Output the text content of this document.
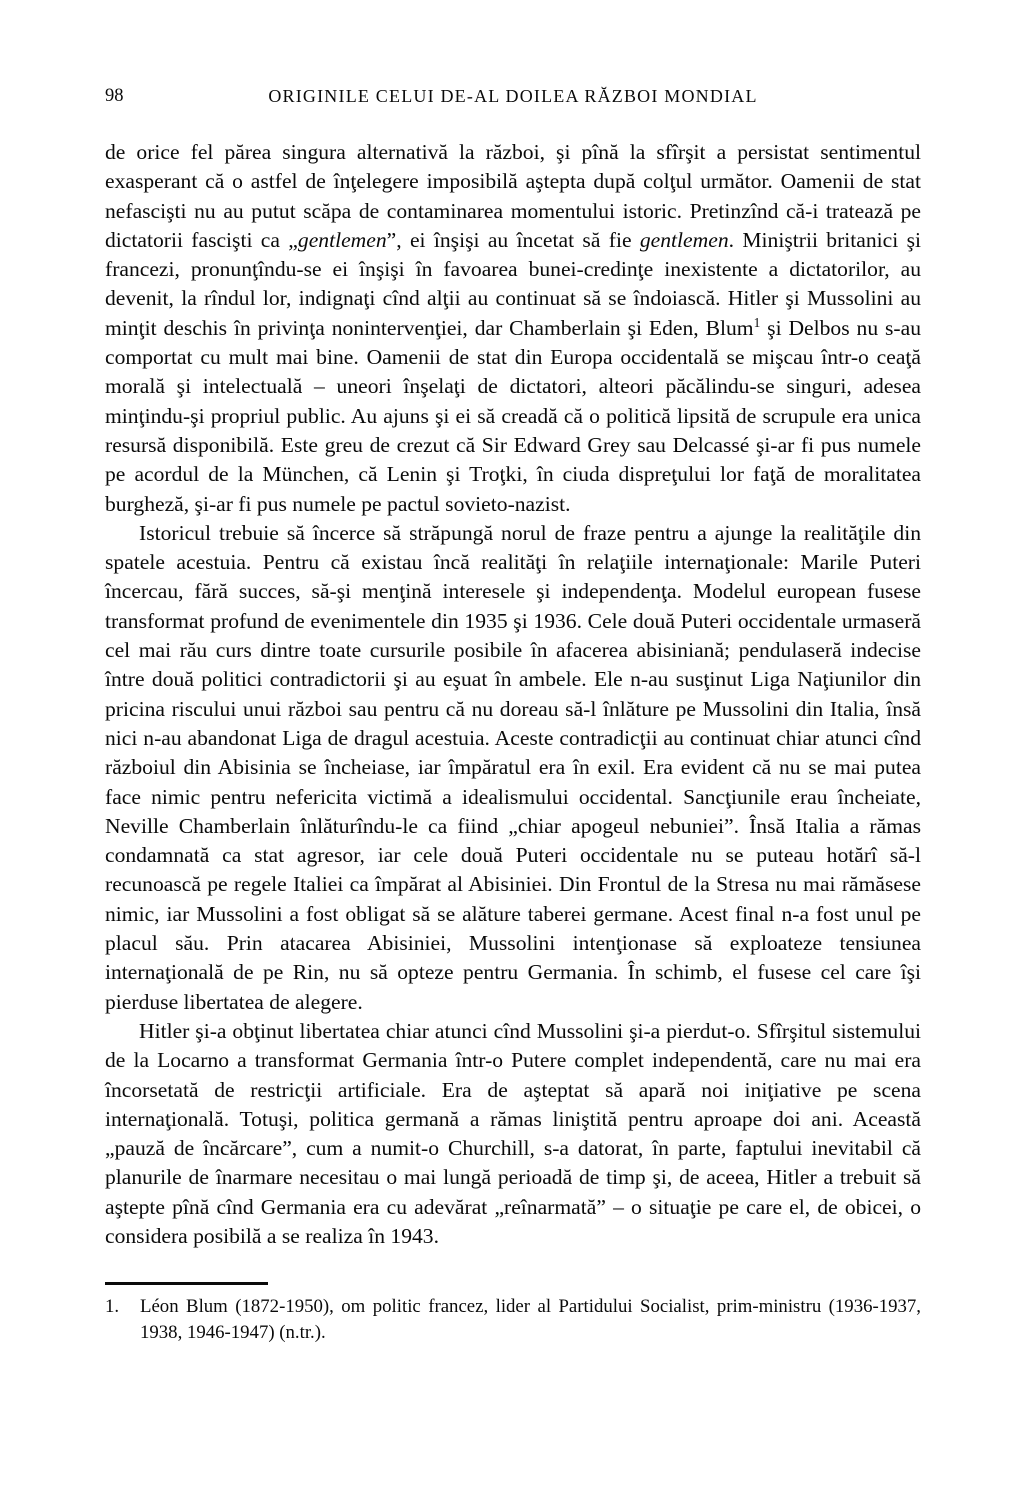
98	ORIGINILE CELUI DE-AL DOILEA RĂZBOI MONDIAL

de orice fel părea singura alternativă la război, şi pînă la sfîrşit a persistat sentimentul exasperant că o astfel de înţelegere imposibilă aştepta după colţul următor. Oamenii de stat nefascişti nu au putut scăpa de contaminarea momentului istoric. Pretinzînd că-i tratează pe dictatorii fascişti ca „gentlemen”, ei înşişi au încetat să fie gentlemen. Miniştrii britanici şi francezi, pronunţîndu-se ei înşişi în favoarea bunei-credinţe inexistente a dictatorilor, au devenit, la rîndul lor, indignaţi cînd alţii au continuat să se îndoiască. Hitler şi Mussolini au minţit deschis în privinţa nonintervenţiei, dar Chamberlain şi Eden, Blum$^1$ şi Delbos nu s-au comportat cu mult mai bine. Oamenii de stat din Europa occidentală se mişcau într-o ceaţă morală şi intelectuală – uneori înşelaţi de dictatori, alteori păcălindu-se singuri, adesea minţindu-şi propriul public. Au ajuns şi ei să creadă că o politică lipsită de scrupule era unica resursă disponibilă. Este greu de crezut că Sir Edward Grey sau Delcassé şi-ar fi pus numele pe acordul de la München, că Lenin şi Troţki, în ciuda dispreţului lor faţă de moralitatea burgheză, şi-ar fi pus numele pe pactul sovieto-nazist.

Istoricul trebuie să încerce să străpungă norul de fraze pentru a ajunge la realităţile din spatele acestuia. Pentru că existau încă realităţi în relaţiile internaţionale: Marile Puteri încercau, fără succes, să-şi menţină interesele şi independenţa. Modelul european fusese transformat profund de evenimentele din 1935 şi 1936. Cele două Puteri occidentale urmaseră cel mai rău curs dintre toate cursurile posibile în afacerea abisiniană; pendulaseră indecise între două politici contradictorii şi au eşuat în ambele. Ele n-au susţinut Liga Naţiunilor din pricina riscului unui război sau pentru că nu doreau să-l înlăture pe Mussolini din Italia, însă nici n-au abandonat Liga de dragul acestuia. Aceste contradicţii au continuat chiar atunci cînd războiul din Abisinia se încheiase, iar împăratul era în exil. Era evident că nu se mai putea face nimic pentru nefericita victimă a idealismului occidental. Sancţiunile erau încheiate, Neville Chamberlain înlăturîndu-le ca fiind „chiar apogeul nebuniei”. Însă Italia a rămas condamnată ca stat agresor, iar cele două Puteri occidentale nu se puteau hotărî să-l recunoască pe regele Italiei ca împărat al Abisiniei. Din Frontul de la Stresa nu mai rămăsese nimic, iar Mussolini a fost obligat să se alăture taberei germane. Acest final n-a fost unul pe placul său. Prin atacarea Abisiniei, Mussolini intenţionase să exploateze tensiunea internaţională de pe Rin, nu să opteze pentru Germania. În schimb, el fusese cel care îşi pierduse libertatea de alegere.

Hitler şi-a obţinut libertatea chiar atunci cînd Mussolini şi-a pierdut-o. Sfîrşitul sistemului de la Locarno a transformat Germania într-o Putere complet independentă, care nu mai era încorsetată de restricţii artificiale. Era de aşteptat să apară noi iniţiative pe scena internaţională. Totuşi, politica germană a rămas liniştită pentru aproape doi ani. Această „pauză de încărcare”, cum a numit-o Churchill, s-a datorat, în parte, faptului inevitabil că planurile de înarmare necesitau o mai lungă perioadă de timp şi, de aceea, Hitler a trebuit să aştepte pînă cînd Germania era cu adevărat „reînarmată” – o situaţie pe care el, de obicei, o considera posibilă a se realiza în 1943.

1.	Léon Blum (1872-1950), om politic francez, lider al Partidului Socialist, prim-ministru (1936-1937, 1938, 1946-1947) (n.tr.).
